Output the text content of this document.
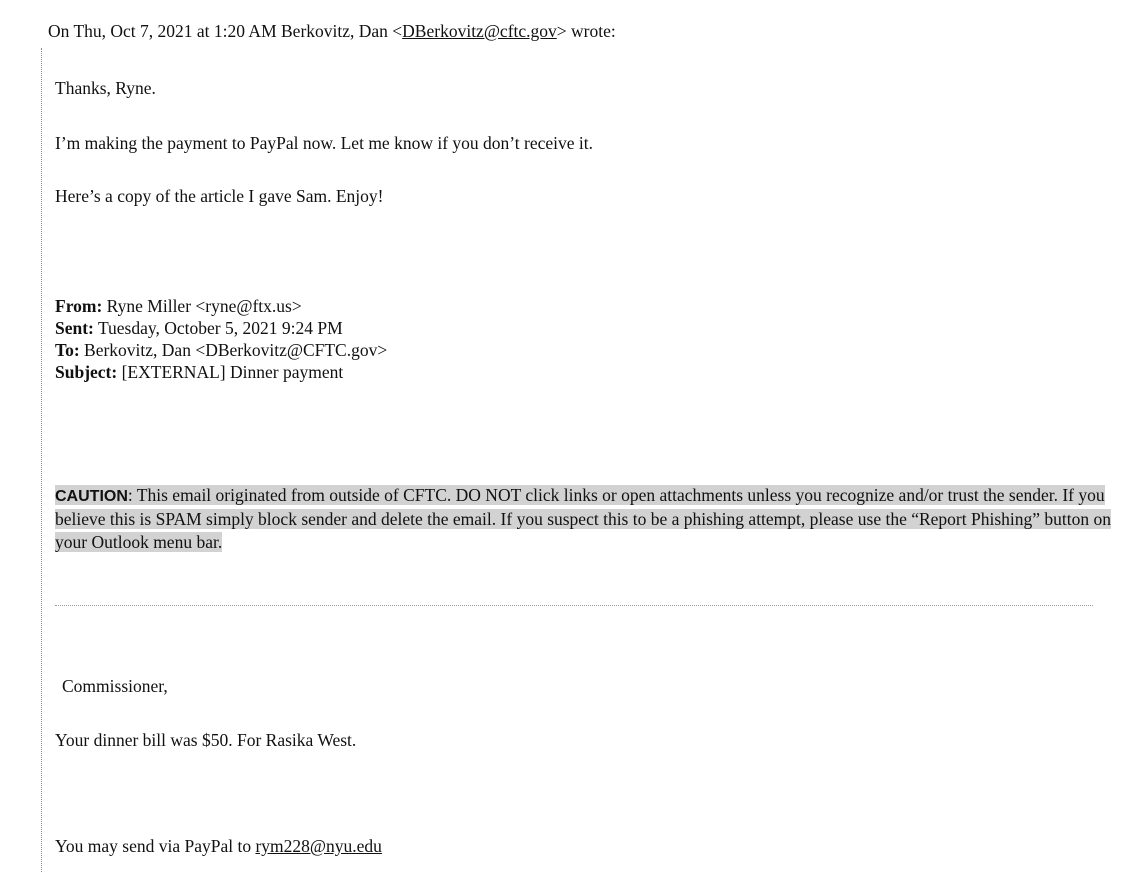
On Thu, Oct 7, 2021 at 1:20 AM Berkovitz, Dan <DBerkovitz@cftc.gov> wrote:
Thanks, Ryne.
I’m making the payment to PayPal now. Let me know if you don’t receive it.
Here’s a copy of the article I gave Sam. Enjoy!
From: Ryne Miller <ryne@ftx.us>
Sent: Tuesday, October 5, 2021 9:24 PM
To: Berkovitz, Dan <DBerkovitz@CFTC.gov>
Subject: [EXTERNAL] Dinner payment
CAUTION: This email originated from outside of CFTC. DO NOT click links or open attachments unless you recognize and/or trust the sender. If you believe this is SPAM simply block sender and delete the email. If you suspect this to be a phishing attempt, please use the “Report Phishing” button on your Outlook menu bar.
Commissioner,
Your dinner bill was $50. For Rasika West.
You may send via PayPal to rym228@nyu.edu
